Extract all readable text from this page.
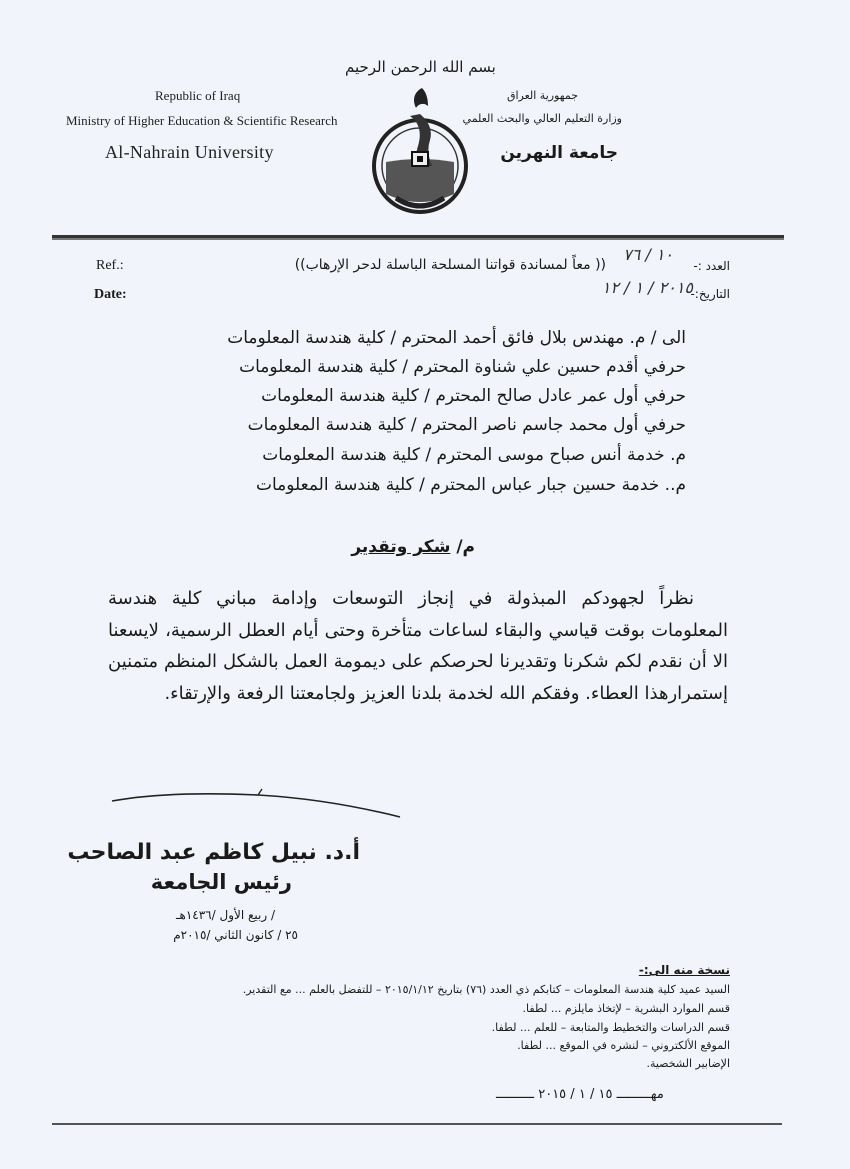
Republic of Iraq
Ministry of Higher Education & Scientific Research
Al-Nahrain University
جمهورية العراق
وزارة التعليم العالي والبحث العلمي
جامعة النهرين
بسم الله الرحمن الرحيم
Ref.:
Date:
(( معاً لمساندة قواتنا المسلحة الباسلة لدحر الإرهاب))	العدد :-
التاريخ:-
١٠ / ٧٦
٢٠١٥ / ١ / ١٢
الى / م. مهندس بلال فائق أحمد المحترم / كلية هندسة المعلومات
حرفي أقدم حسين علي شناوة المحترم / كلية هندسة المعلومات
حرفي أول عمر عادل صالح المحترم / كلية هندسة المعلومات
حرفي أول محمد جاسم ناصر المحترم / كلية هندسة المعلومات
م. خدمة أنس صباح موسى المحترم / كلية هندسة المعلومات
م.. خدمة حسين جبار عباس المحترم / كلية هندسة المعلومات
م/ شكر وتقدير
نظراً لجهودكم المبذولة في إنجاز التوسعات وإدامة مباني كلية هندسة المعلومات بوقت قياسي والبقاء لساعات متأخرة وحتى أيام العطل الرسمية، لايسعنا الا أن نقدم لكم شكرنا وتقديرنا لحرصكم على ديمومة العمل بالشكل المنظم متمنين إستمرارهذا العطاء. وفقكم الله لخدمة بلدنا العزيز ولجامعتنا الرفعة والإرتقاء.
أ.د. نبيل كاظم عبد الصاحب
رئيس الجامعة
/ ربيع الأول /١٤٣٦هـ
٢٥ / كانون الثاني /٢٠١٥م
نسخة منه الى:-
السيد عميد كلية هندسة المعلومات – كتابكم ذي العدد (٧٦) بتاريخ ٢٠١٥/١/١٢ – للتفضل بالعلم ... مع التقدير.
قسم الموارد البشرية – لإتخاذ مايلزم ... لطفا.
قسم الدراسات والتخطيط والمتابعة – للعلم ... لطفا.
الموقع الألكتروني – لنشره في الموقع ... لطفا.
الإضابير الشخصية.
ــــــــــ ٢٠١٥ / ١ / ١٥ مهـــــــــ
